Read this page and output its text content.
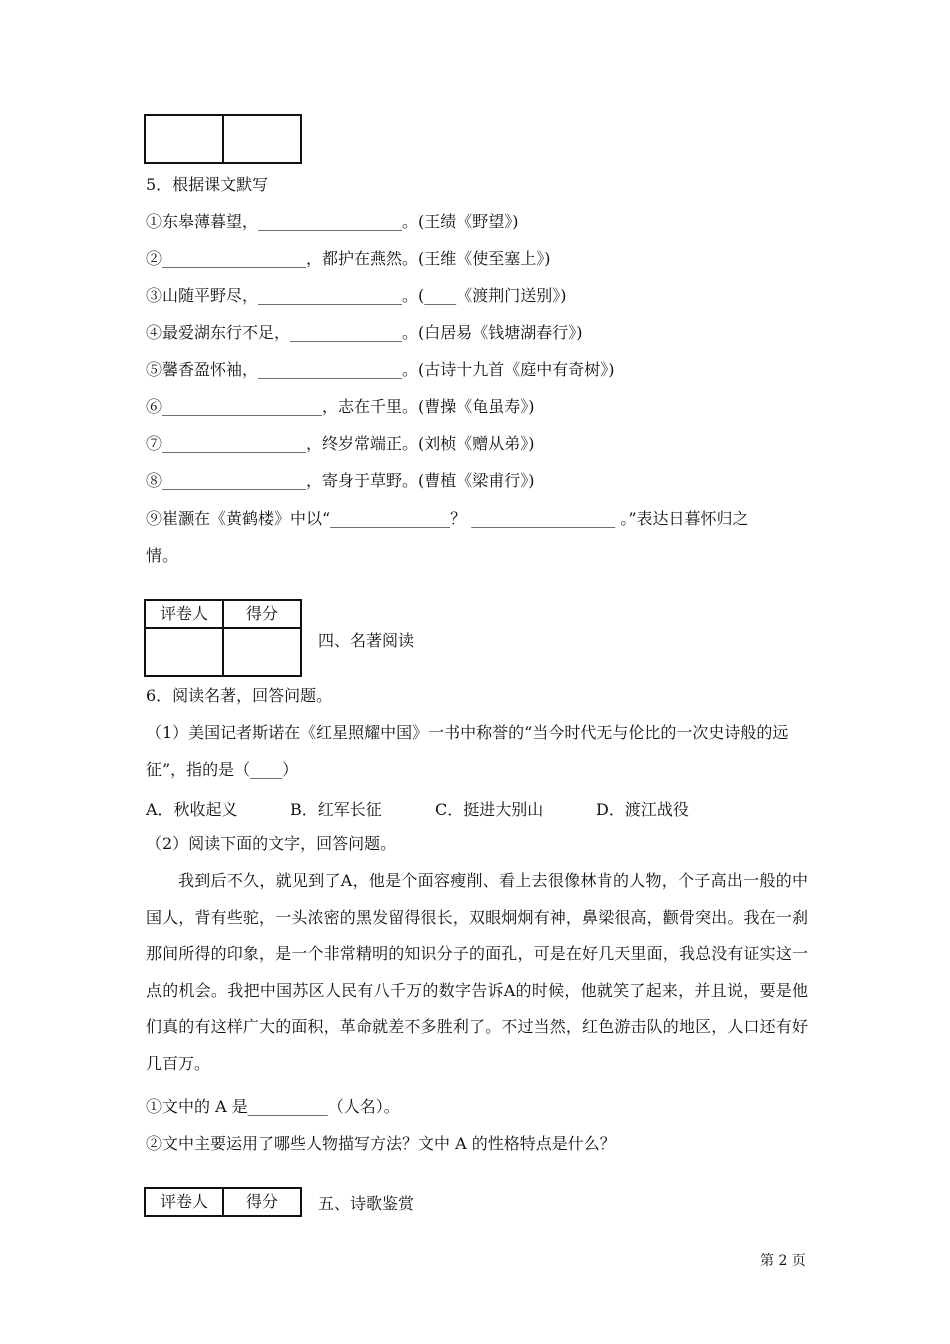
5．根据课文默写
①东皋薄暮望，__________________。(王绩《野望》)
②__________________，都护在燕然。(王维《使至塞上》)
③山随平野尽，__________________。(____《渡荆门送别》)
④最爱湖东行不足，______________。(白居易《钱塘湖春行》)
⑤馨香盈怀袖，__________________。(古诗十九首《庭中有奇树》)
⑥____________________，志在千里。(曹操《龟虽寿》)
⑦__________________，终岁常端正。(刘桢《赠从弟》)
⑧__________________，寄身于草野。(曹植《梁甫行》)
⑨崔灏在《黄鹤楼》中以“_______________？ __________________ 。”表达日暮怀归之
情。
评卷人	得分
四、名著阅读
6．阅读名著，回答问题。
（1）美国记者斯诺在《红星照耀中国》一书中称誉的“当今时代无与伦比的一次史诗般的远
征”，指的是（____）
A．秋收起义	B．红军长征	C．挺进大别山	D．渡江战役
（2）阅读下面的文字，回答问题。
我到后不久，就见到了A，他是个面容瘦削、看上去很像林肯的人物，个子高出一般的中国人，背有些驼，一头浓密的黑发留得很长，双眼炯炯有神，鼻梁很高，颧骨突出。我在一刹那间所得的印象，是一个非常精明的知识分子的面孔，可是在好几天里面，我总没有证实这一点的机会。我把中国苏区人民有八千万的数字告诉A的时候，他就笑了起来，并且说，要是他们真的有这样广大的面积，革命就差不多胜利了。不过当然，红色游击队的地区，人口还有好几百万。
①文中的 A 是__________（人名）。
②文中主要运用了哪些人物描写方法？文中 A 的性格特点是什么？
评卷人	得分	五、诗歌鉴赏
第 2 页
